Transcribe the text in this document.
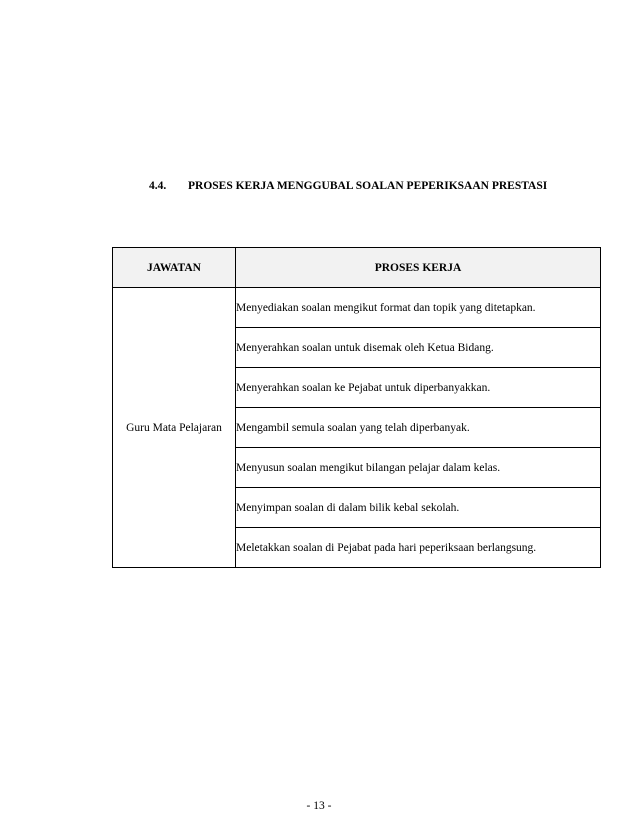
4.4. PROSES KERJA MENGGUBAL SOALAN PEPERIKSAAN PRESTASI
JAWATAN	PROSES KERJA
Guru Mata Pelajaran	Menyediakan soalan mengikut format dan topik yang ditetapkan.
	Menyerahkan soalan untuk disemak oleh Ketua Bidang.
	Menyerahkan soalan ke Pejabat untuk diperbanyakkan.
	Mengambil semula soalan yang telah diperbanyak.
	Menyusun soalan mengikut bilangan pelajar dalam kelas.
	Menyimpan soalan di dalam bilik kebal sekolah.
	Meletakkan soalan di Pejabat pada hari peperiksaan berlangsung.
- 13 -
